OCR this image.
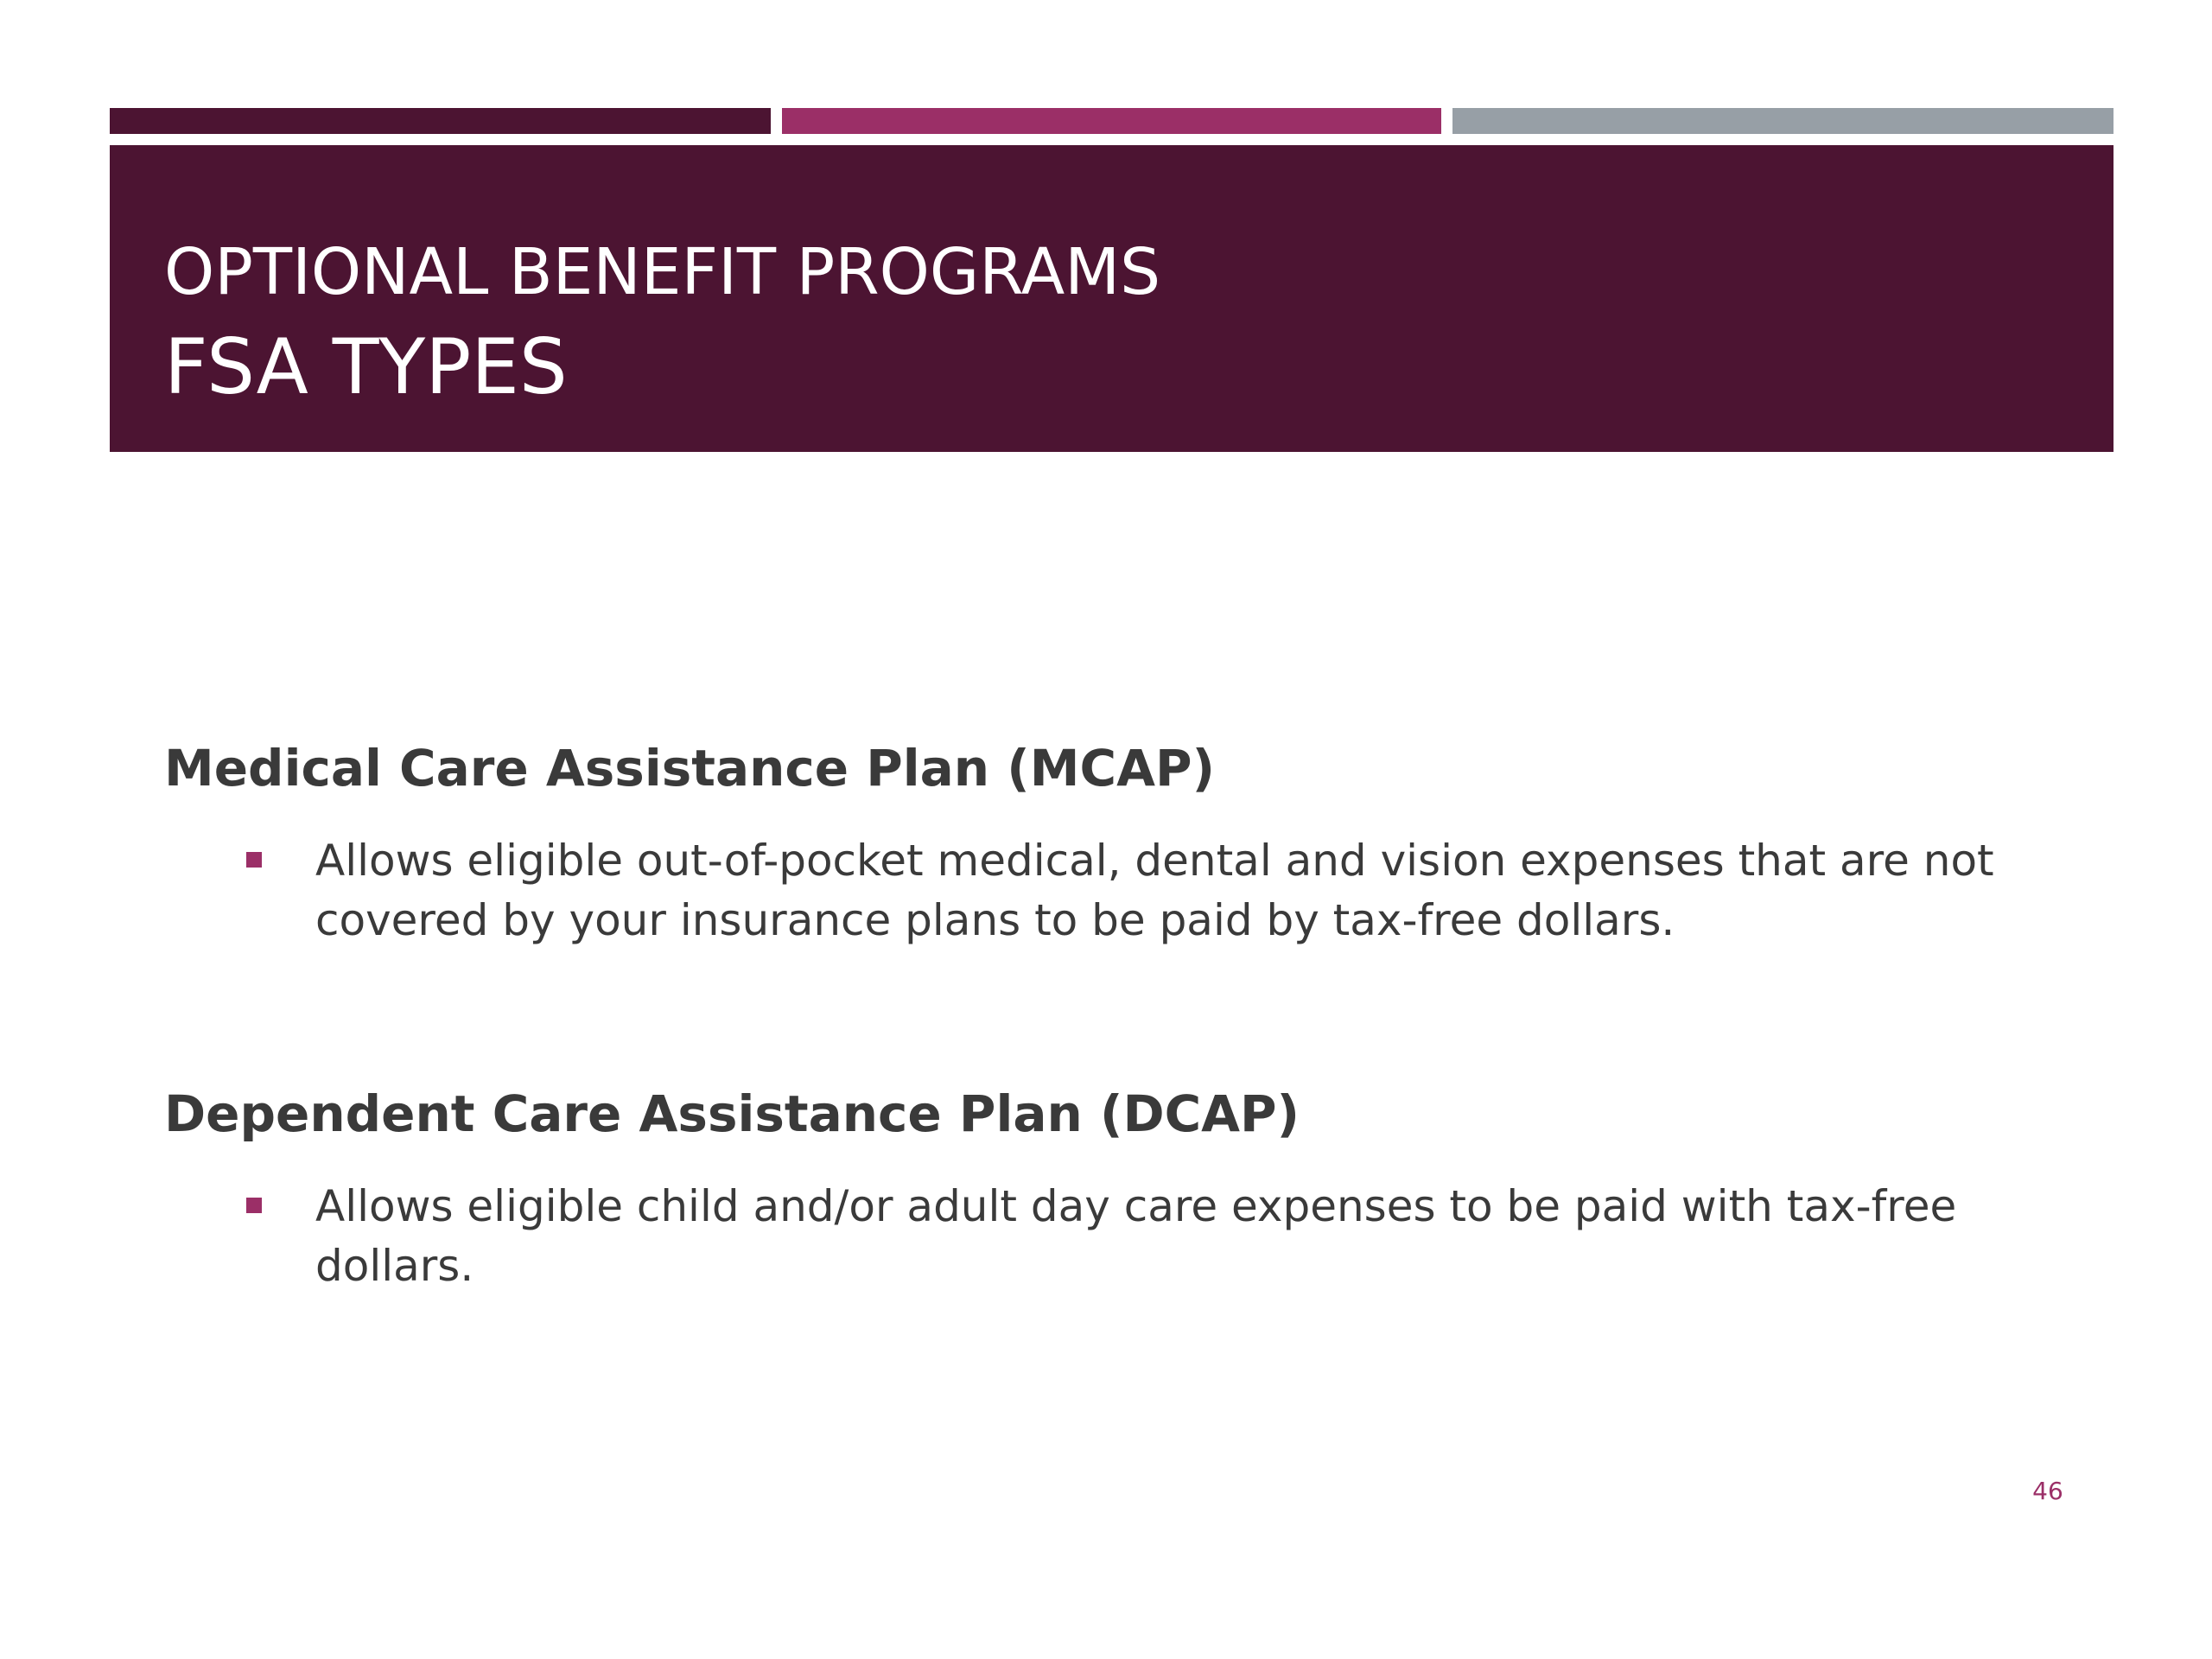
OPTIONAL BENEFIT PROGRAMS
FSA TYPES
Medical Care Assistance Plan (MCAP)
Allows eligible out-of-pocket medical, dental and vision expenses that are not covered by your insurance plans to be paid by tax-free dollars.
Dependent Care Assistance Plan (DCAP)
Allows eligible child and/or adult day care expenses to be paid with tax-free dollars.
46
